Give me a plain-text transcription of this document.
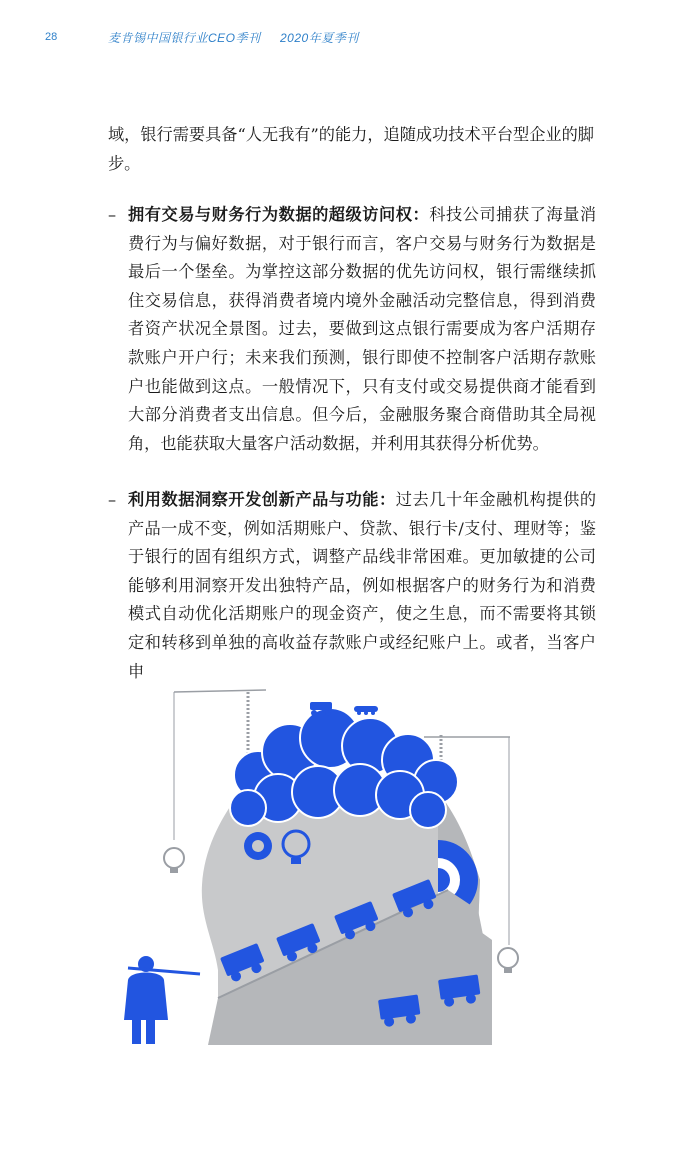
28	麦肯锡中国银行业CEO季刊 2020年夏季刊
域，银行需要具备“人无我有”的能力，追随成功技术平台型企业的脚步。
– 拥有交易与财务行为数据的超级访问权：科技公司捕获了海量消费行为与偏好数据，对于银行而言，客户交易与财务行为数据是最后一个堡垒。为掌控这部分数据的优先访问权，银行需继续抓住交易信息，获得消费者境内境外金融活动完整信息，得到消费者资产状况全景图。过去，要做到这点银行需要成为客户活期存款账户开户行；未来我们预测，银行即使不控制客户活期存款账户也能做到这点。一般情况下，只有支付或交易提供商才能看到大部分消费者支出信息。但今后，金融服务聚合商借助其全局视角，也能获取大量客户活动数据，并利用其获得分析优势。
– 利用数据洞察开发创新产品与功能：过去几十年金融机构提供的产品一成不变，例如活期账户、贷款、银行卡/支付、理财等；鉴于银行的固有组织方式，调整产品线非常困难。更加敏捷的公司能够利用洞察开发出独特产品，例如根据客户的财务行为和消费模式自动优化活期账户的现金资产，使之生息，而不需要将其锁定和转移到单独的高收益存款账户或经纪账户上。或者，当客户申
